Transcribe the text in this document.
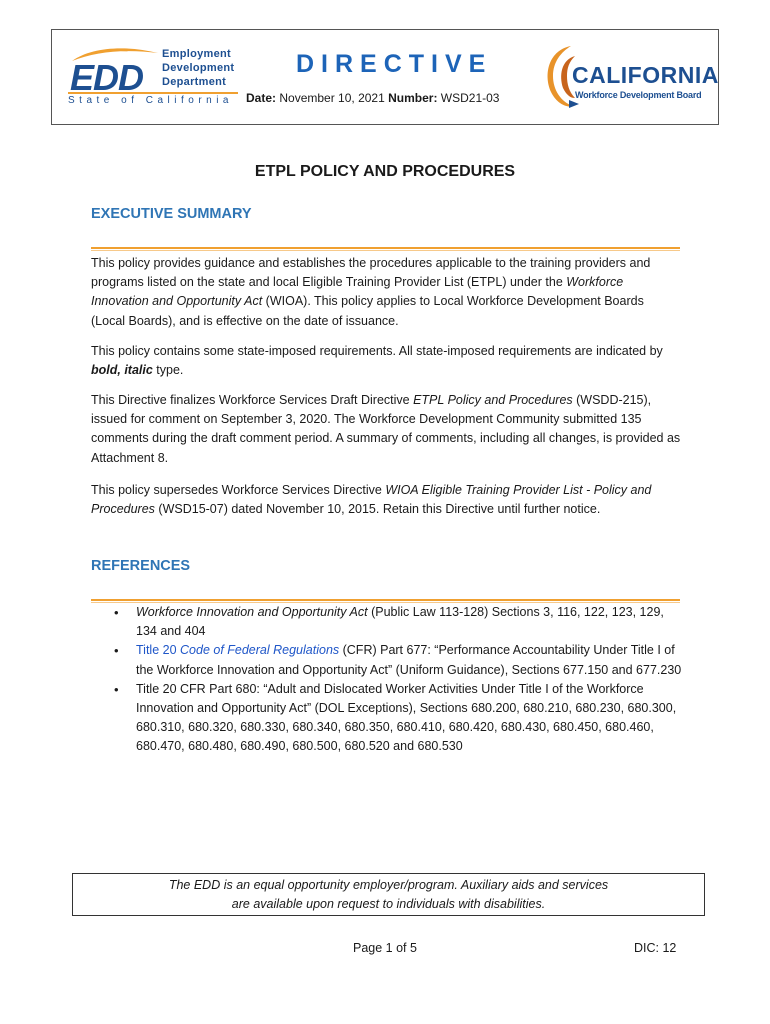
EDD
Employment
Development
Department
State of California
DIRECTIVE
Date: November 10, 2021 Number: WSD21-03
CALIFORNIA
Workforce Development Board
ETPL POLICY AND PROCEDURES
EXECUTIVE SUMMARY

This policy provides guidance and establishes the procedures applicable to the training providers and programs listed on the state and local Eligible Training Provider List (ETPL) under the Workforce Innovation and Opportunity Act (WIOA). This policy applies to Local Workforce Development Boards (Local Boards), and is effective on the date of issuance.

This policy contains some state-imposed requirements. All state-imposed requirements are indicated by bold, italic type.

This Directive finalizes Workforce Services Draft Directive ETPL Policy and Procedures (WSDD-215), issued for comment on September 3, 2020. The Workforce Development Community submitted 135 comments during the draft comment period. A summary of comments, including all changes, is provided as Attachment 8.

This policy supersedes Workforce Services Directive WIOA Eligible Training Provider List - Policy and Procedures (WSD15-07) dated November 10, 2015. Retain this Directive until further notice.

REFERENCES
• Workforce Innovation and Opportunity Act (Public Law 113-128) Sections 3, 116, 122, 123, 129, 134 and 404
• Title 20 Code of Federal Regulations (CFR) Part 677: “Performance Accountability Under Title I of the Workforce Innovation and Opportunity Act” (Uniform Guidance), Sections 677.150 and 677.230
• Title 20 CFR Part 680: “Adult and Dislocated Worker Activities Under Title I of the Workforce Innovation and Opportunity Act” (DOL Exceptions), Sections 680.200, 680.210, 680.230, 680.300, 680.310, 680.320, 680.330, 680.340, 680.350, 680.410, 680.420, 680.430, 680.450, 680.460, 680.470, 680.480, 680.490, 680.500, 680.520 and 680.530
The EDD is an equal opportunity employer/program. Auxiliary aids and services
are available upon request to individuals with disabilities.
Page 1 of 5	DIC: 12
